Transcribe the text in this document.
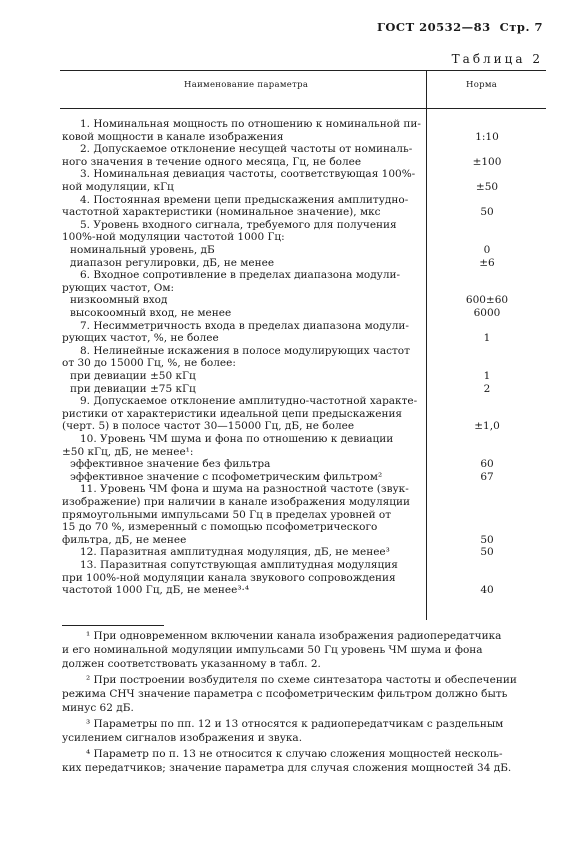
ГОСТ 20532—83 Стр. 7
Таблица 2
Наименование параметра	Норма
1. Номинальная мощность по отношению к номинальной пи-
ковой мощности в канале изображения	1:10
2. Допускаемое отклонение несущей частоты от номиналь-
ного значения в течение одного месяца, Гц, не более	±100
3. Номинальная девиация частоты, соответствующая 100%-
ной модуляции, кГц	±50
4. Постоянная времени цепи предыскажения амплитудно-
частотной характеристики (номинальное значение), мкс	50
5. Уровень входного сигнала, требуемого для получения
100%-ной модуляции частотой 1000 Гц:
номинальный уровень, дБ	0
диапазон регулировки, дБ, не менее	±6
6. Входное сопротивление в пределах диапазона модули-
рующих частот, Ом:
низкоомный вход	600±60
высокоомный вход, не менее	6000
7. Несимметричность входа в пределах диапазона модули-
рующих частот, %, не более	1
8. Нелинейные искажения в полосе модулирующих частот
от 30 до 15000 Гц, %, не более:
при девиации ±50 кГц	1
при девиации ±75 кГц	2
9. Допускаемое отклонение амплитудно-частотной характе-
ристики от характеристики идеальной цепи предыскажения
(черт. 5) в полосе частот 30—15000 Гц, дБ, не более	±1,0
10. Уровень ЧМ шума и фона по отношению к девиации
±50 кГц, дБ, не менее¹:
эффективное значение без фильтра	60
эффективное значение с псофометрическим фильтром²	67
11. Уровень ЧМ фона и шума на разностной частоте (звук-
изображение) при наличии в канале изображения модуляции
прямоугольными импульсами 50 Гц в пределах уровней от
15 до 70 %, измеренный с помощью псофометрического
фильтра, дБ, не менее	50
12. Паразитная амплитудная модуляция, дБ, не менее³	50
13. Паразитная сопутствующая амплитудная модуляция
при 100%-ной модуляции канала звукового сопровождения
частотой 1000 Гц, дБ, не менее³·⁴	40
¹ При одновременном включении канала изображения радиопередатчика
и его номинальной модуляции импульсами 50 Гц уровень ЧМ шума и фона
должен соответствовать указанному в табл. 2.
² При построении возбудителя по схеме синтезатора частоты и обеспечении
режима СНЧ значение параметра с псофометрическим фильтром должно быть
минус 62 дБ.
³ Параметры по пп. 12 и 13 относятся к радиопередатчикам с раздельным
усилением сигналов изображения и звука.
⁴ Параметр по п. 13 не относится к случаю сложения мощностей несколь-
ких передатчиков; значение параметра для случая сложения мощностей 34 дБ.
